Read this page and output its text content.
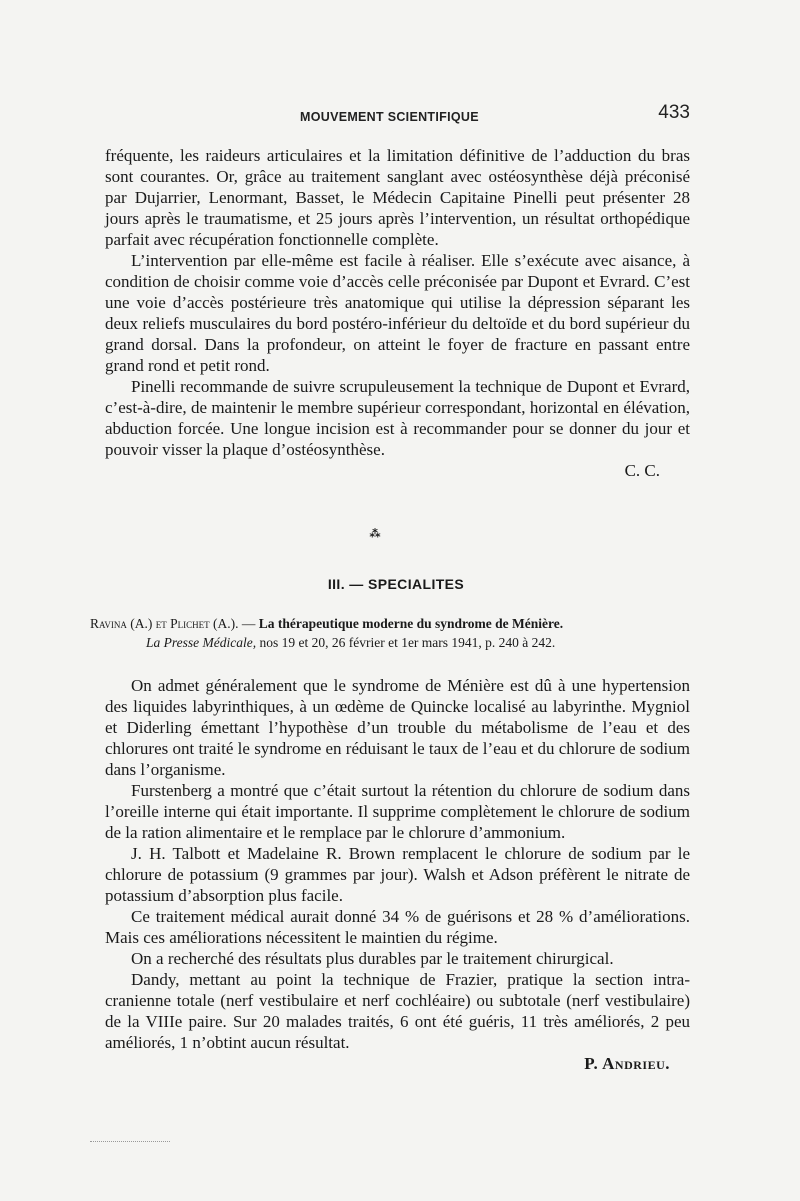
MOUVEMENT SCIENTIFIQUE	433

fréquente, les raideurs articulaires et la limitation définitive de l’adduction du bras sont courantes. Or, grâce au traitement sanglant avec ostéosynthèse déjà préconisé par Dujarrier, Lenormant, Basset, le Médecin Capitaine Pinelli peut présenter 28 jours après le traumatisme, et 25 jours après l’intervention, un résultat orthopédique parfait avec récupération fonctionnelle complète.

L’intervention par elle-même est facile à réaliser. Elle s’exécute avec aisance, à condition de choisir comme voie d’accès celle préconisée par Dupont et Evrard. C’est une voie d’accès postérieure très anatomique qui utilise la dépression séparant les deux reliefs musculaires du bord postéro-inférieur du deltoïde et du bord supérieur du grand dorsal. Dans la profondeur, on atteint le foyer de fracture en passant entre grand rond et petit rond.

Pinelli recommande de suivre scrupuleusement la technique de Dupont et Evrard, c’est-à-dire, de maintenir le membre supérieur correspondant, horizontal en élévation, abduction forcée. Une longue incision est à recommander pour se donner du jour et pouvoir visser la plaque d’ostéosynthèse.

C. C.

⁂
III. — SPECIALITES
Ravina (A.) et Plichet (A.). — La thérapeutique moderne du syndrome de Ménière.
La Presse Médicale, nos 19 et 20, 26 février et 1er mars 1941, p. 240 à 242.

On admet généralement que le syndrome de Ménière est dû à une hypertension des liquides labyrinthiques, à un œdème de Quincke localisé au labyrinthe. Mygniol et Diderling émettant l’hypothèse d’un trouble du métabolisme de l’eau et des chlorures ont traité le syndrome en réduisant le taux de l’eau et du chlorure de sodium dans l’organisme.

Furstenberg a montré que c’était surtout la rétention du chlorure de sodium dans l’oreille interne qui était importante. Il supprime complètement le chlorure de sodium de la ration alimentaire et le remplace par le chlorure d’ammonium.

J. H. Talbott et Madelaine R. Brown remplacent le chlorure de sodium par le chlorure de potassium (9 grammes par jour). Walsh et Adson préfèrent le nitrate de potassium d’absorption plus facile.

Ce traitement médical aurait donné 34 % de guérisons et 28 % d’améliorations. Mais ces améliorations nécessitent le maintien du régime.

On a recherché des résultats plus durables par le traitement chirurgical.

Dandy, mettant au point la technique de Frazier, pratique la section intra-cranienne totale (nerf vestibulaire et nerf cochléaire) ou subtotale (nerf vestibulaire) de la VIIIe paire. Sur 20 malades traités, 6 ont été guéris, 11 très améliorés, 2 peu améliorés, 1 n’obtint aucun résultat.

P. Andrieu.
